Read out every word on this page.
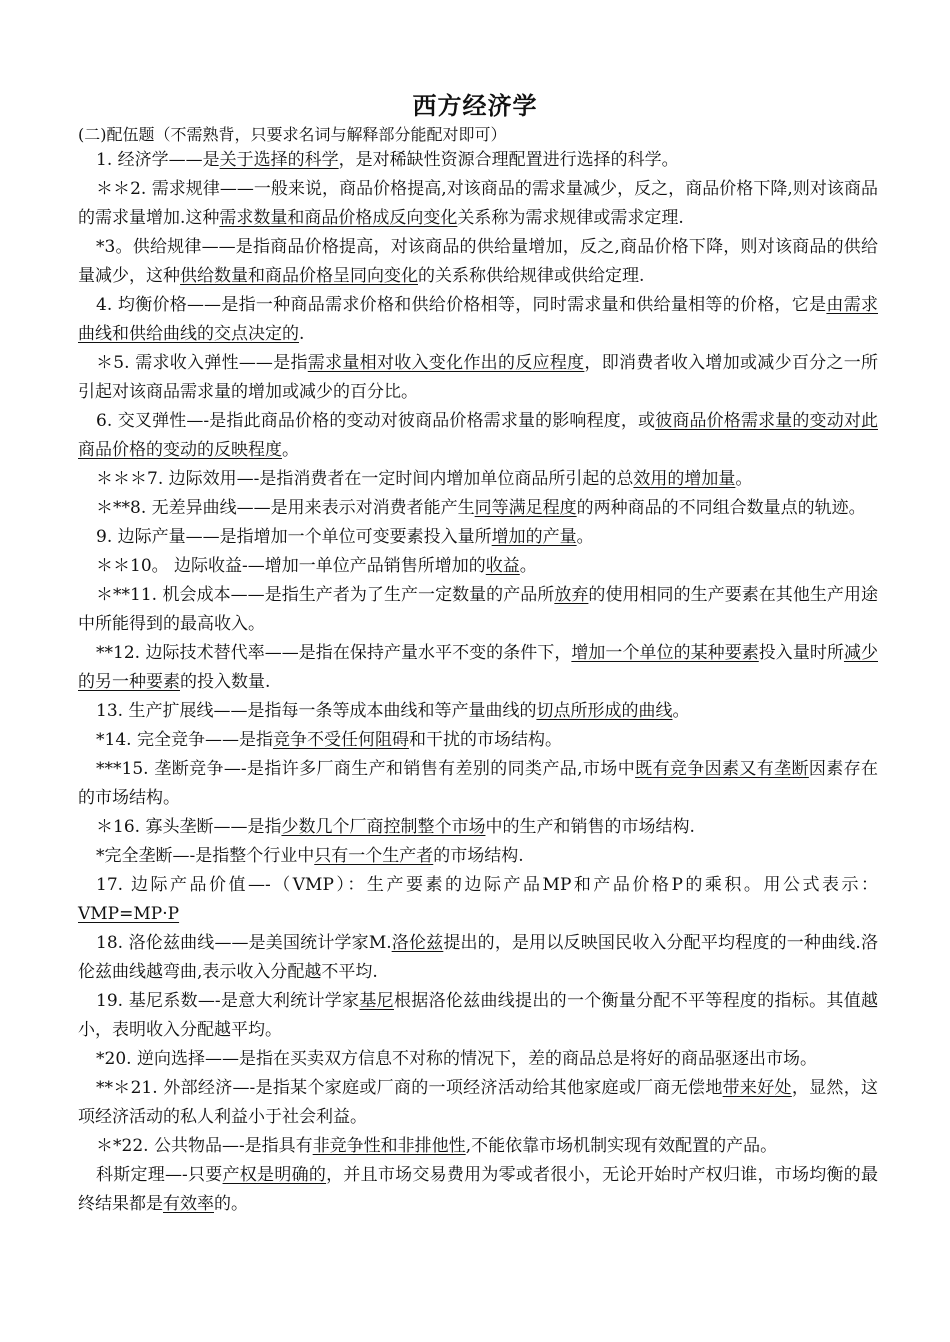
西方经济学
(二)配伍题（不需熟背，只要求名词与解释部分能配对即可）

1. 经济学——是关于选择的科学，是对稀缺性资源合理配置进行选择的科学。

＊＊2. 需求规律——一般来说，商品价格提高,对该商品的需求量减少，反之，商品价格下降,则对该商品的需求量增加.这种需求数量和商品价格成反向变化关系称为需求规律或需求定理.

*3。供给规律——是指商品价格提高，对该商品的供给量增加，反之,商品价格下降，则对该商品的供给量减少，这种供给数量和商品价格呈同向变化的关系称供给规律或供给定理.

4. 均衡价格——是指一种商品需求价格和供给价格相等，同时需求量和供给量相等的价格，它是由需求曲线和供给曲线的交点决定的.

＊5. 需求收入弹性——是指需求量相对收入变化作出的反应程度，即消费者收入增加或减少百分之一所引起对该商品需求量的增加或减少的百分比。

6. 交叉弹性—-是指此商品价格的变动对彼商品价格需求量的影响程度，或彼商品价格需求量的变动对此商品价格的变动的反映程度。

＊＊＊7. 边际效用—-是指消费者在一定时间内增加单位商品所引起的总效用的增加量。

＊**8. 无差异曲线——是用来表示对消费者能产生同等满足程度的两种商品的不同组合数量点的轨迹。

9. 边际产量——是指增加一个单位可变要素投入量所增加的产量。

＊＊10。 边际收益-—增加一单位产品销售所增加的收益。

＊**11. 机会成本——是指生产者为了生产一定数量的产品所放弃的使用相同的生产要素在其他生产用途中所能得到的最高收入。

**12. 边际技术替代率——是指在保持产量水平不变的条件下，增加一个单位的某种要素投入量时所减少的另一种要素的投入数量.

13. 生产扩展线——是指每一条等成本曲线和等产量曲线的切点所形成的曲线。

*14. 完全竞争——是指竞争不受任何阻碍和干扰的市场结构。

***15. 垄断竞争—-是指许多厂商生产和销售有差别的同类产品,市场中既有竞争因素又有垄断因素存在的市场结构。

＊16. 寡头垄断——是指少数几个厂商控制整个市场中的生产和销售的市场结构.

*完全垄断—-是指整个行业中只有一个生产者的市场结构.

17. 边际产品价值—-（VMP）：生产要素的边际产品MP和产品价格P的乘积。用公式表示：VMP=MP·P

18. 洛伦兹曲线——是美国统计学家M.洛伦兹提出的，是用以反映国民收入分配平均程度的一种曲线.洛伦兹曲线越弯曲,表示收入分配越不平均.

19. 基尼系数—-是意大利统计学家基尼根据洛伦兹曲线提出的一个衡量分配不平等程度的指标。其值越小，表明收入分配越平均。

*20. 逆向选择——是指在买卖双方信息不对称的情况下，差的商品总是将好的商品驱逐出市场。

**＊21. 外部经济—-是指某个家庭或厂商的一项经济活动给其他家庭或厂商无偿地带来好处，显然，这项经济活动的私人利益小于社会利益。

＊*22. 公共物品—-是指具有非竞争性和非排他性,不能依靠市场机制实现有效配置的产品。

科斯定理—-只要产权是明确的，并且市场交易费用为零或者很小，无论开始时产权归谁，市场均衡的最终结果都是有效率的。
